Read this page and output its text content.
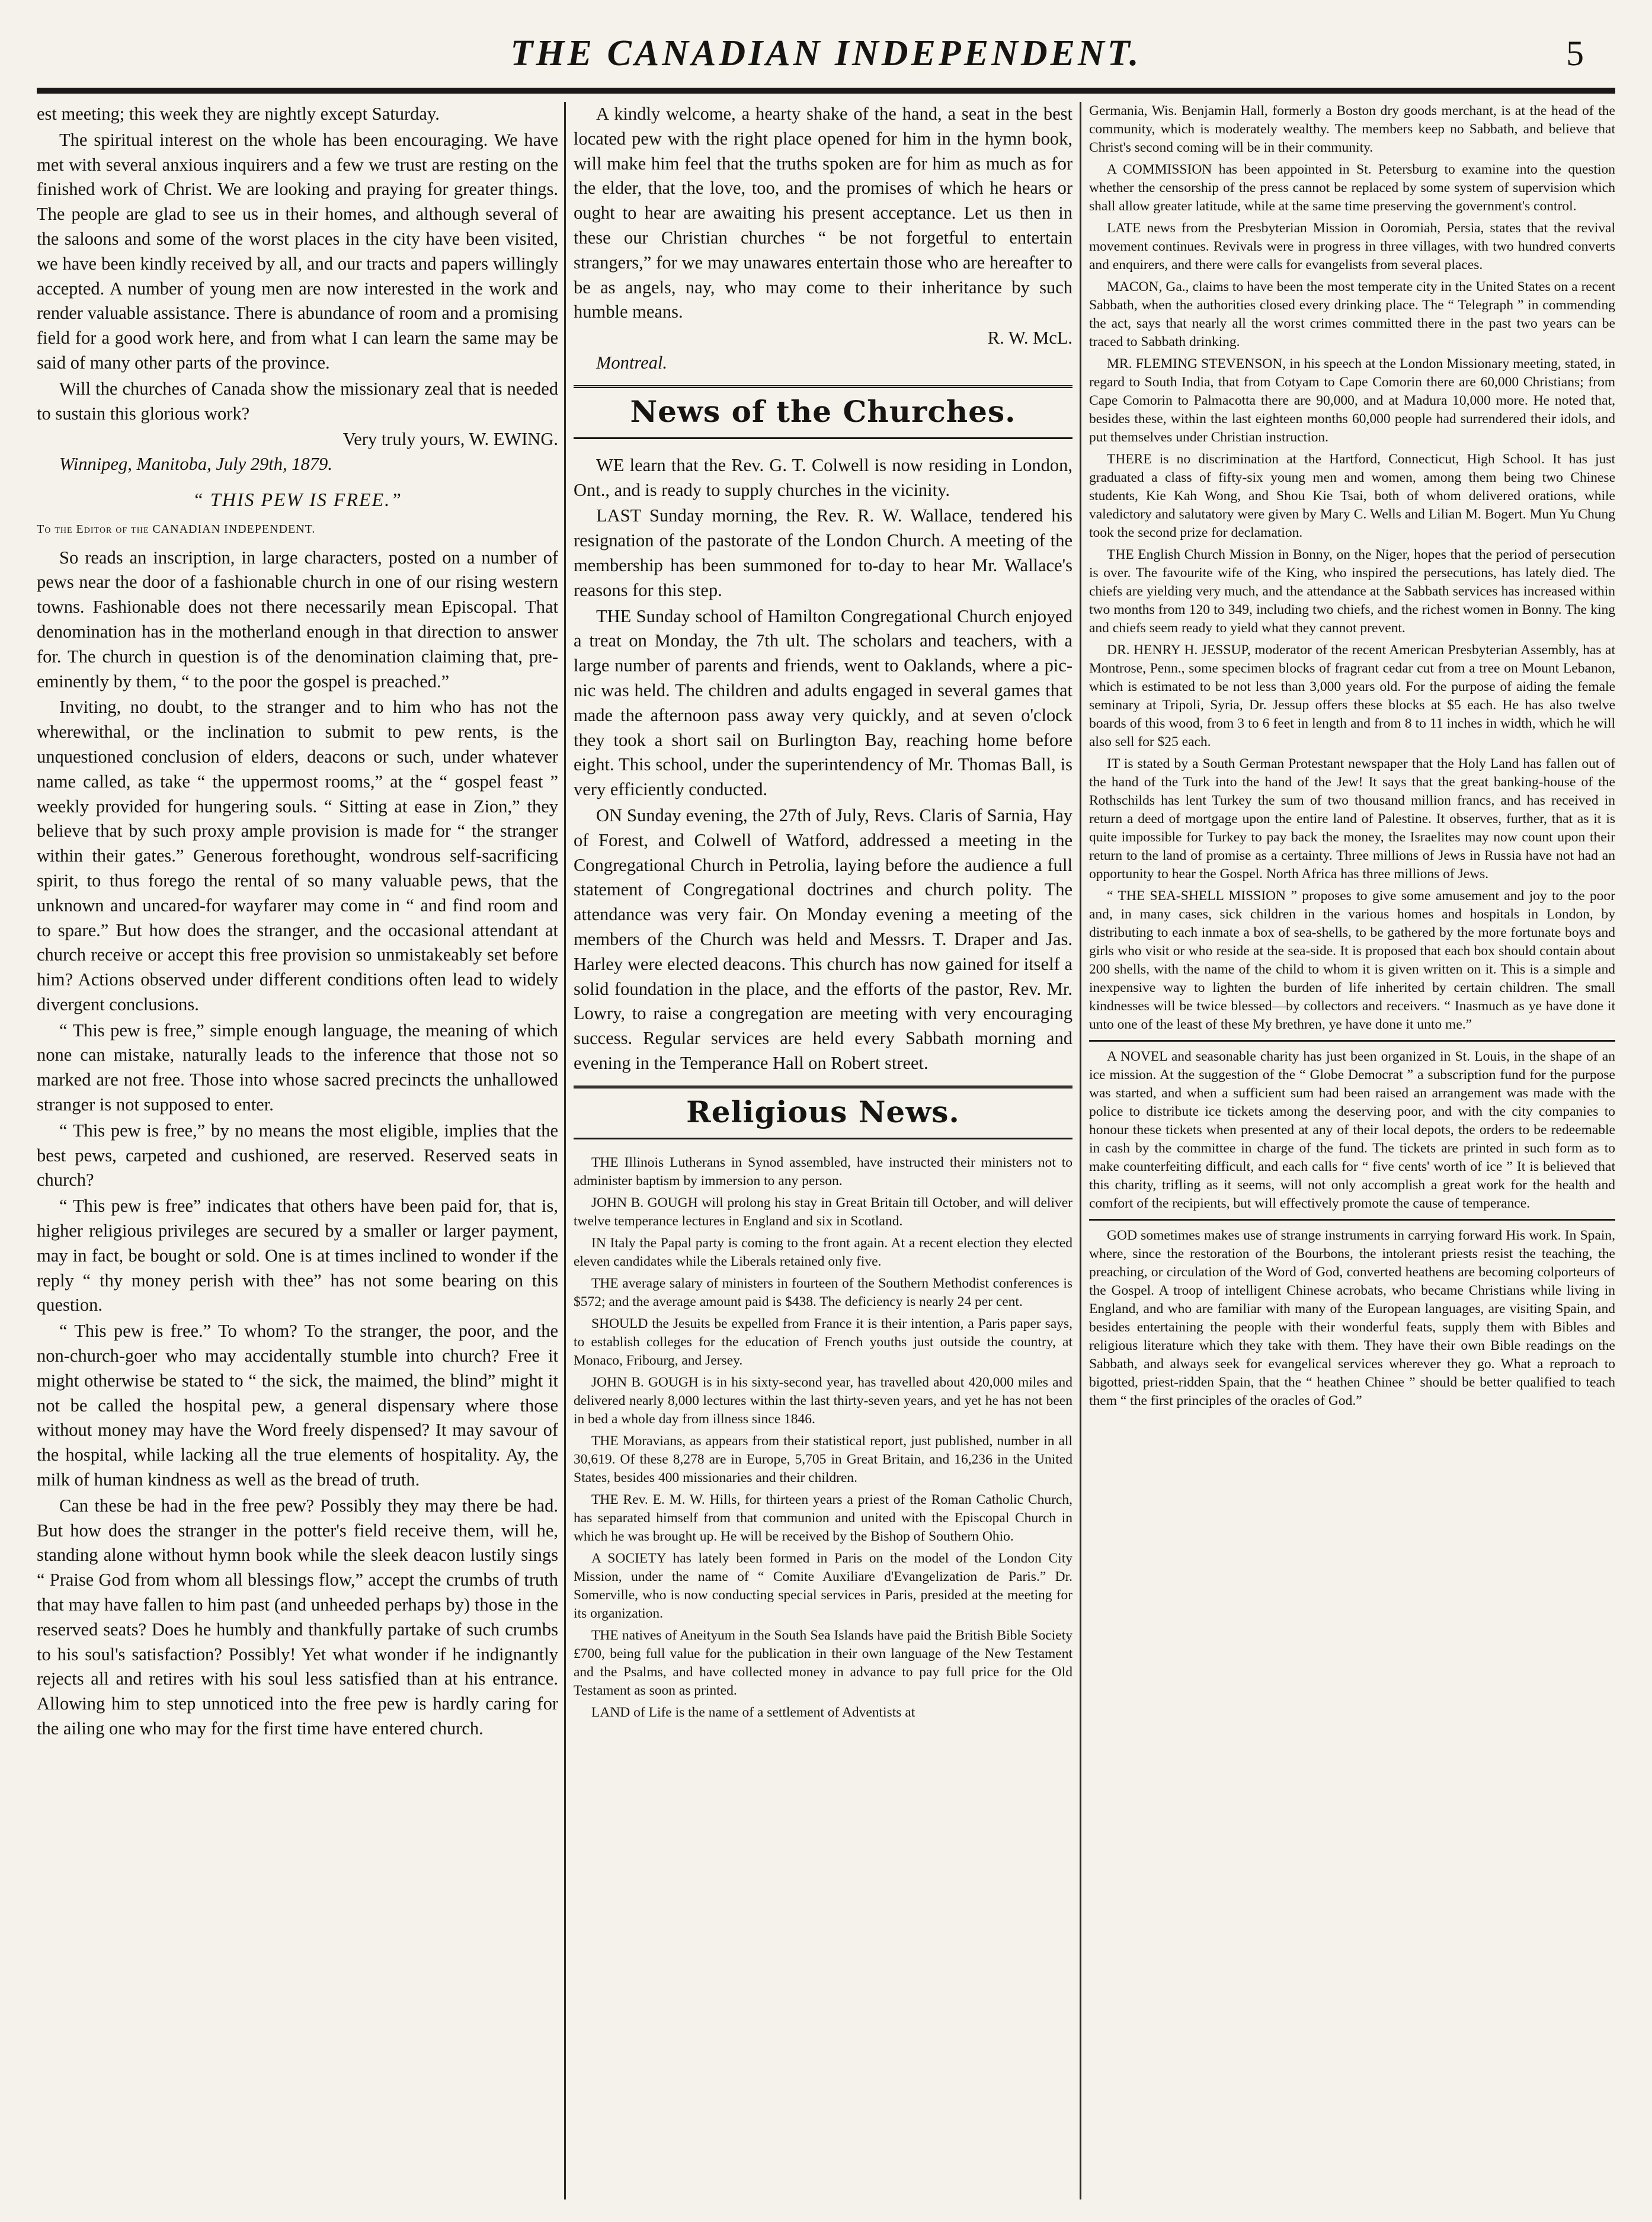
THE CANADIAN INDEPENDENT.	5

est meeting; this week they are nightly except Saturday.

The spiritual interest on the whole has been encouraging. We have met with several anxious inquirers and a few we trust are resting on the finished work of Christ. We are looking and praying for greater things. The people are glad to see us in their homes, and although several of the saloons and some of the worst places in the city have been visited, we have been kindly received by all, and our tracts and papers willingly accepted. A number of young men are now interested in the work and render valuable assistance. There is abundance of room and a promising field for a good work here, and from what I can learn the same may be said of many other parts of the province.

Will the churches of Canada show the missionary zeal that is needed to sustain this glorious work?

Very truly yours, W. EWING.

Winnipeg, Manitoba, July 29th, 1879.

“ THIS PEW IS FREE.”
To the Editor of the CANADIAN INDEPENDENT.

So reads an inscription, in large characters, posted on a number of pews near the door of a fashionable church in one of our rising western towns. Fashionable does not there necessarily mean Episcopal. That denomination has in the motherland enough in that direction to answer for. The church in question is of the denomination claiming that, pre-eminently by them, “ to the poor the gospel is preached.”

Inviting, no doubt, to the stranger and to him who has not the wherewithal, or the inclination to submit to pew rents, is the unquestioned conclusion of elders, deacons or such, under whatever name called, as take “ the uppermost rooms,” at the “ gospel feast ” weekly provided for hungering souls. “ Sitting at ease in Zion,” they believe that by such proxy ample provision is made for “ the stranger within their gates.” Generous forethought, wondrous self-sacrificing spirit, to thus forego the rental of so many valuable pews, that the unknown and uncared-for wayfarer may come in “ and find room and to spare.” But how does the stranger, and the occasional attendant at church receive or accept this free provision so unmistakeably set before him? Actions observed under different conditions often lead to widely divergent conclusions.

“ This pew is free,” simple enough language, the meaning of which none can mistake, naturally leads to the inference that those not so marked are not free. Those into whose sacred precincts the unhallowed stranger is not supposed to enter.

“ This pew is free,” by no means the most eligible, implies that the best pews, carpeted and cushioned, are reserved. Reserved seats in church?

“ This pew is free” indicates that others have been paid for, that is, higher religious privileges are secured by a smaller or larger payment, may in fact, be bought or sold. One is at times inclined to wonder if the reply “ thy money perish with thee” has not some bearing on this question.

“ This pew is free.” To whom? To the stranger, the poor, and the non-church-goer who may accidentally stumble into church? Free it might otherwise be stated to “ the sick, the maimed, the blind” might it not be called the hospital pew, a general dispensary where those without money may have the Word freely dispensed? It may savour of the hospital, while lacking all the true elements of hospitality. Ay, the milk of human kindness as well as the bread of truth.

Can these be had in the free pew? Possibly they may there be had. But how does the stranger in the potter's field receive them, will he, standing alone without hymn book while the sleek deacon lustily sings “ Praise God from whom all blessings flow,” accept the crumbs of truth that may have fallen to him past (and unheeded perhaps by) those in the reserved seats? Does he humbly and thankfully partake of such crumbs to his soul's satisfaction? Possibly! Yet what wonder if he indignantly rejects all and retires with his soul less satisfied than at his entrance. Allowing him to step unnoticed into the free pew is hardly caring for the ailing one who may for the first time have entered church.

A kindly welcome, a hearty shake of the hand, a seat in the best located pew with the right place opened for him in the hymn book, will make him feel that the truths spoken are for him as much as for the elder, that the love, too, and the promises of which he hears or ought to hear are awaiting his present acceptance. Let us then in these our Christian churches “ be not forgetful to entertain strangers,” for we may unawares entertain those who are hereafter to be as angels, nay, who may come to their inheritance by such humble means.

R. W. McL.

Montreal.

News of the Churches.

WE learn that the Rev. G. T. Colwell is now residing in London, Ont., and is ready to supply churches in the vicinity.

LAST Sunday morning, the Rev. R. W. Wallace, tendered his resignation of the pastorate of the London Church. A meeting of the membership has been summoned for to-day to hear Mr. Wallace's reasons for this step.

THE Sunday school of Hamilton Congregational Church enjoyed a treat on Monday, the 7th ult. The scholars and teachers, with a large number of parents and friends, went to Oaklands, where a pic-nic was held. The children and adults engaged in several games that made the afternoon pass away very quickly, and at seven o'clock they took a short sail on Burlington Bay, reaching home before eight. This school, under the superintendency of Mr. Thomas Ball, is very efficiently conducted.

ON Sunday evening, the 27th of July, Revs. Claris of Sarnia, Hay of Forest, and Colwell of Watford, addressed a meeting in the Congregational Church in Petrolia, laying before the audience a full statement of Congregational doctrines and church polity. The attendance was very fair. On Monday evening a meeting of the members of the Church was held and Messrs. T. Draper and Jas. Harley were elected deacons. This church has now gained for itself a solid foundation in the place, and the efforts of the pastor, Rev. Mr. Lowry, to raise a congregation are meeting with very encouraging success. Regular services are held every Sabbath morning and evening in the Temperance Hall on Robert street.

Religious News.

THE Illinois Lutherans in Synod assembled, have instructed their ministers not to administer baptism by immersion to any person.

JOHN B. GOUGH will prolong his stay in Great Britain till October, and will deliver twelve temperance lectures in England and six in Scotland.

IN Italy the Papal party is coming to the front again. At a recent election they elected eleven candidates while the Liberals retained only five.

THE average salary of ministers in fourteen of the Southern Methodist conferences is $572; and the average amount paid is $438. The deficiency is nearly 24 per cent.

SHOULD the Jesuits be expelled from France it is their intention, a Paris paper says, to establish colleges for the education of French youths just outside the country, at Monaco, Fribourg, and Jersey.

JOHN B. GOUGH is in his sixty-second year, has travelled about 420,000 miles and delivered nearly 8,000 lectures within the last thirty-seven years, and yet he has not been in bed a whole day from illness since 1846.

THE Moravians, as appears from their statistical report, just published, number in all 30,619. Of these 8,278 are in Europe, 5,705 in Great Britain, and 16,236 in the United States, besides 400 missionaries and their children.

THE Rev. E. M. W. Hills, for thirteen years a priest of the Roman Catholic Church, has separated himself from that communion and united with the Episcopal Church in which he was brought up. He will be received by the Bishop of Southern Ohio.

A SOCIETY has lately been formed in Paris on the model of the London City Mission, under the name of “ Comite Auxiliare d'Evangelization de Paris.” Dr. Somerville, who is now conducting special services in Paris, presided at the meeting for its organization.

THE natives of Aneityum in the South Sea Islands have paid the British Bible Society £700, being full value for the publication in their own language of the New Testament and the Psalms, and have collected money in advance to pay full price for the Old Testament as soon as printed.

LAND of Life is the name of a settlement of Adventists at

Germania, Wis. Benjamin Hall, formerly a Boston dry goods merchant, is at the head of the community, which is moderately wealthy. The members keep no Sabbath, and believe that Christ's second coming will be in their community.

A COMMISSION has been appointed in St. Petersburg to examine into the question whether the censorship of the press cannot be replaced by some system of supervision which shall allow greater latitude, while at the same time preserving the government's control.

LATE news from the Presbyterian Mission in Ooromiah, Persia, states that the revival movement continues. Revivals were in progress in three villages, with two hundred converts and enquirers, and there were calls for evangelists from several places.

MACON, Ga., claims to have been the most temperate city in the United States on a recent Sabbath, when the authorities closed every drinking place. The “ Telegraph ” in commending the act, says that nearly all the worst crimes committed there in the past two years can be traced to Sabbath drinking.

MR. FLEMING STEVENSON, in his speech at the London Missionary meeting, stated, in regard to South India, that from Cotyam to Cape Comorin there are 60,000 Christians; from Cape Comorin to Palmacotta there are 90,000, and at Madura 10,000 more. He noted that, besides these, within the last eighteen months 60,000 people had surrendered their idols, and put themselves under Christian instruction.

THERE is no discrimination at the Hartford, Connecticut, High School. It has just graduated a class of fifty-six young men and women, among them being two Chinese students, Kie Kah Wong, and Shou Kie Tsai, both of whom delivered orations, while valedictory and salutatory were given by Mary C. Wells and Lilian M. Bogert. Mun Yu Chung took the second prize for declamation.

THE English Church Mission in Bonny, on the Niger, hopes that the period of persecution is over. The favourite wife of the King, who inspired the persecutions, has lately died. The chiefs are yielding very much, and the attendance at the Sabbath services has increased within two months from 120 to 349, including two chiefs, and the richest women in Bonny. The king and chiefs seem ready to yield what they cannot prevent.

DR. HENRY H. JESSUP, moderator of the recent American Presbyterian Assembly, has at Montrose, Penn., some specimen blocks of fragrant cedar cut from a tree on Mount Lebanon, which is estimated to be not less than 3,000 years old. For the purpose of aiding the female seminary at Tripoli, Syria, Dr. Jessup offers these blocks at $5 each. He has also twelve boards of this wood, from 3 to 6 feet in length and from 8 to 11 inches in width, which he will also sell for $25 each.

IT is stated by a South German Protestant newspaper that the Holy Land has fallen out of the hand of the Turk into the hand of the Jew! It says that the great banking-house of the Rothschilds has lent Turkey the sum of two thousand million francs, and has received in return a deed of mortgage upon the entire land of Palestine. It observes, further, that as it is quite impossible for Turkey to pay back the money, the Israelites may now count upon their return to the land of promise as a certainty. Three millions of Jews in Russia have not had an opportunity to hear the Gospel. North Africa has three millions of Jews.

“ THE SEA-SHELL MISSION ” proposes to give some amusement and joy to the poor and, in many cases, sick children in the various homes and hospitals in London, by distributing to each inmate a box of sea-shells, to be gathered by the more fortunate boys and girls who visit or who reside at the sea-side. It is proposed that each box should contain about 200 shells, with the name of the child to whom it is given written on it. This is a simple and inexpensive way to lighten the burden of life inherited by certain children. The small kindnesses will be twice blessed—by collectors and receivers. “ Inasmuch as ye have done it unto one of the least of these My brethren, ye have done it unto me.”

A NOVEL and seasonable charity has just been organized in St. Louis, in the shape of an ice mission. At the suggestion of the “ Globe Democrat ” a subscription fund for the purpose was started, and when a sufficient sum had been raised an arrangement was made with the police to distribute ice tickets among the deserving poor, and with the city companies to honour these tickets when presented at any of their local depots, the orders to be redeemable in cash by the committee in charge of the fund. The tickets are printed in such form as to make counterfeiting difficult, and each calls for “ five cents' worth of ice ” It is believed that this charity, trifling as it seems, will not only accomplish a great work for the health and comfort of the recipients, but will effectively promote the cause of temperance.

GOD sometimes makes use of strange instruments in carrying forward His work. In Spain, where, since the restoration of the Bourbons, the intolerant priests resist the teaching, the preaching, or circulation of the Word of God, converted heathens are becoming colporteurs of the Gospel. A troop of intelligent Chinese acrobats, who became Christians while living in England, and who are familiar with many of the European languages, are visiting Spain, and besides entertaining the people with their wonderful feats, supply them with Bibles and religious literature which they take with them. They have their own Bible readings on the Sabbath, and always seek for evangelical services wherever they go. What a reproach to bigotted, priest-ridden Spain, that the “ heathen Chinee ” should be better qualified to teach them “ the first principles of the oracles of God.”
